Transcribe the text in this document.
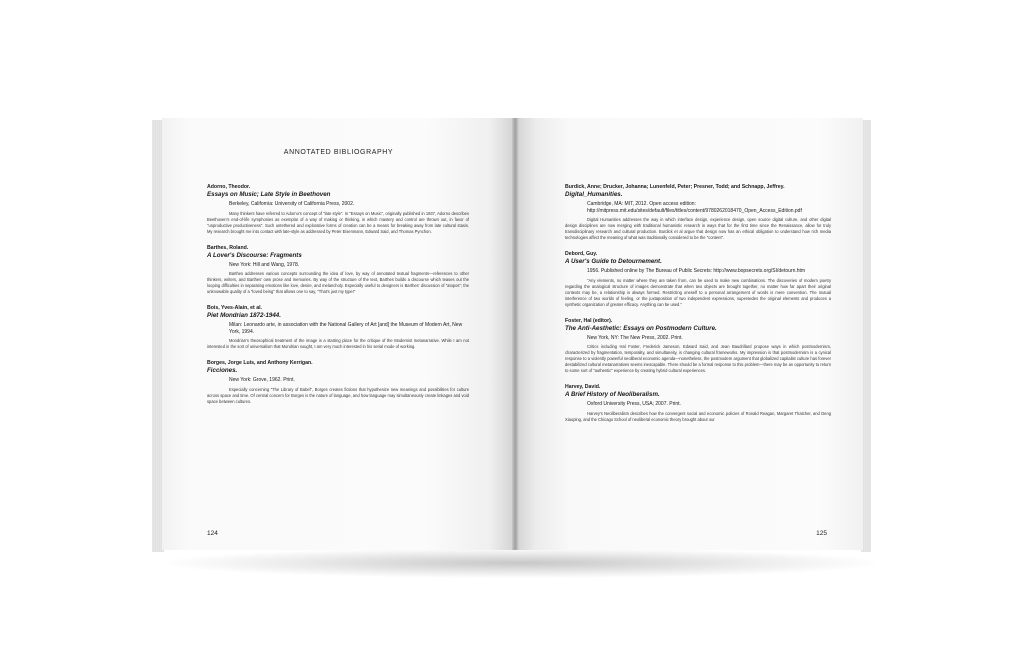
ANNOTATED BIBLIOGRAPHY
Adorno, Theodor.
Essays on Music; Late Style in Beethoven
Berkeley, California: University of California Press, 2002.

Many thinkers have referred to Adorno's concept of "late style". In "Essays on Music", originally published in 1937, Adorno describes Beethoven's end-of-life symphonies as exemplar of a way of making or thinking, in which mastery and control are thrown out, in favor of "unproductive productiveness". Such untethered and explorative forms of creation can be a means for breaking away from late cultural stasis. My research brought me into contact with late-style as addressed by Peter Eisenmann, Edward Said, and Thomas Pynchon.

Barthes, Roland.
A Lover's Discourse: Fragments
New York: Hill and Wang, 1978.

Barthes addresses various concepts surrounding the idea of love, by way of annotated textual fragments—references to other thinkers, writers, and Barthes' own prose and memories. By way of the structure of the text, Barthes builds a discourse which teases out the looping difficulties in separating emotions like love, desire, and melancholy. Especially useful to designers is Barthes' discussion of "atopos"; the unknowable quality of a "loved being" that allows one to say, "That's just my type!"

Bois, Yves-Alain, et al.
Piet Mondrian 1872-1944.
Milan: Leonardo arte, in association with the National Gallery of Art [and] the Museum of Modern Art, New York, 1994.

Mondrian's theosophical treatment of the image is a starting place for the critique of the Modernist metanarrative. While I am not interested in the sort of universalism that Mondrian sought, I am very much interested in his serial mode of working.

Borges, Jorge Luis, and Anthony Kerrigan.
Ficciones.
New York: Grove, 1962. Print.

Especially concerning "The Library of Babel", Borges creates fictions that hypothesize new meanings and possibilities for culture across space and time. Of central concern for Borges is the nature of language, and how language may simultaneously create linkages and void space between cultures.

124
Burdick, Anne; Drucker, Johanna; Lunenfeld, Peter; Presner, Todd; and Schnapp, Jeffrey.
Digital_Humanities.
Cambridge, MA: MIT, 2012. Open access edition: http://mitpress.mit.edu/sites/default/files/titles/content/9780262018470_Open_Access_Edition.pdf

Digital Humanities addresses the way in which interface design, experience design, open source digital culture, and other digital design disciplines are now merging with traditional humanistic research in ways that for the first time since the Renaissance, allow for truly transdisciplinary research and cultural production. Burdick et al argue that design now has an ethical obligation to understand how rich media technologies affect the meaning of what was traditionally considered to be the "content".

Debord, Guy.
A User's Guide to Detournement.
1956. Published online by The Bureau of Public Secrets: http://www.bopsecrets.org/SI/detourn.htm

"Any elements, no matter where they are taken from, can be used to make new combinations. The discoveries of modern poetry regarding the analogical structure of images demonstrate that when two objects are brought together, no matter how far apart their original contexts may be, a relationship is always formed. Restricting oneself to a personal arrangement of words is mere convention. The mutual interference of two worlds of feeling, or the juxtaposition of two independent expressions, supersedes the original elements and produces a synthetic organization of greater efficacy. Anything can be used."

Foster, Hal (editor).
The Anti-Aesthetic: Essays on Postmodern Culture.
New York, NY: The New Press, 2002. Print.

Critics including Hal Foster, Frederick Jameson, Edward Said, and Jean Baudrillard propose ways in which postmodernism, characterized by fragmentation, temporality, and simultaneity, is changing cultural frameworks. My impression is that postmodernism is a cynical response to a violently powerful neoliberal economic agenda—nonetheless, the postmodern argument that globalized capitalist culture has forever destabilized cultural metanarratives seems inescapable. There should be a formal response to this problem—there may be an opportunity to return to some sort of "authentic" experience by creating hybrid cultural experiences.

Harvey, David.
A Brief History of Neoliberalism.
Oxford University Press, USA; 2007. Print.

Harvey's Neoliberalism describes how the convergent social and economic policies of Ronald Reagan, Margaret Thatcher, and Deng Xiaoping, and the Chicago School of neoliberal economic theory brought about our

125
